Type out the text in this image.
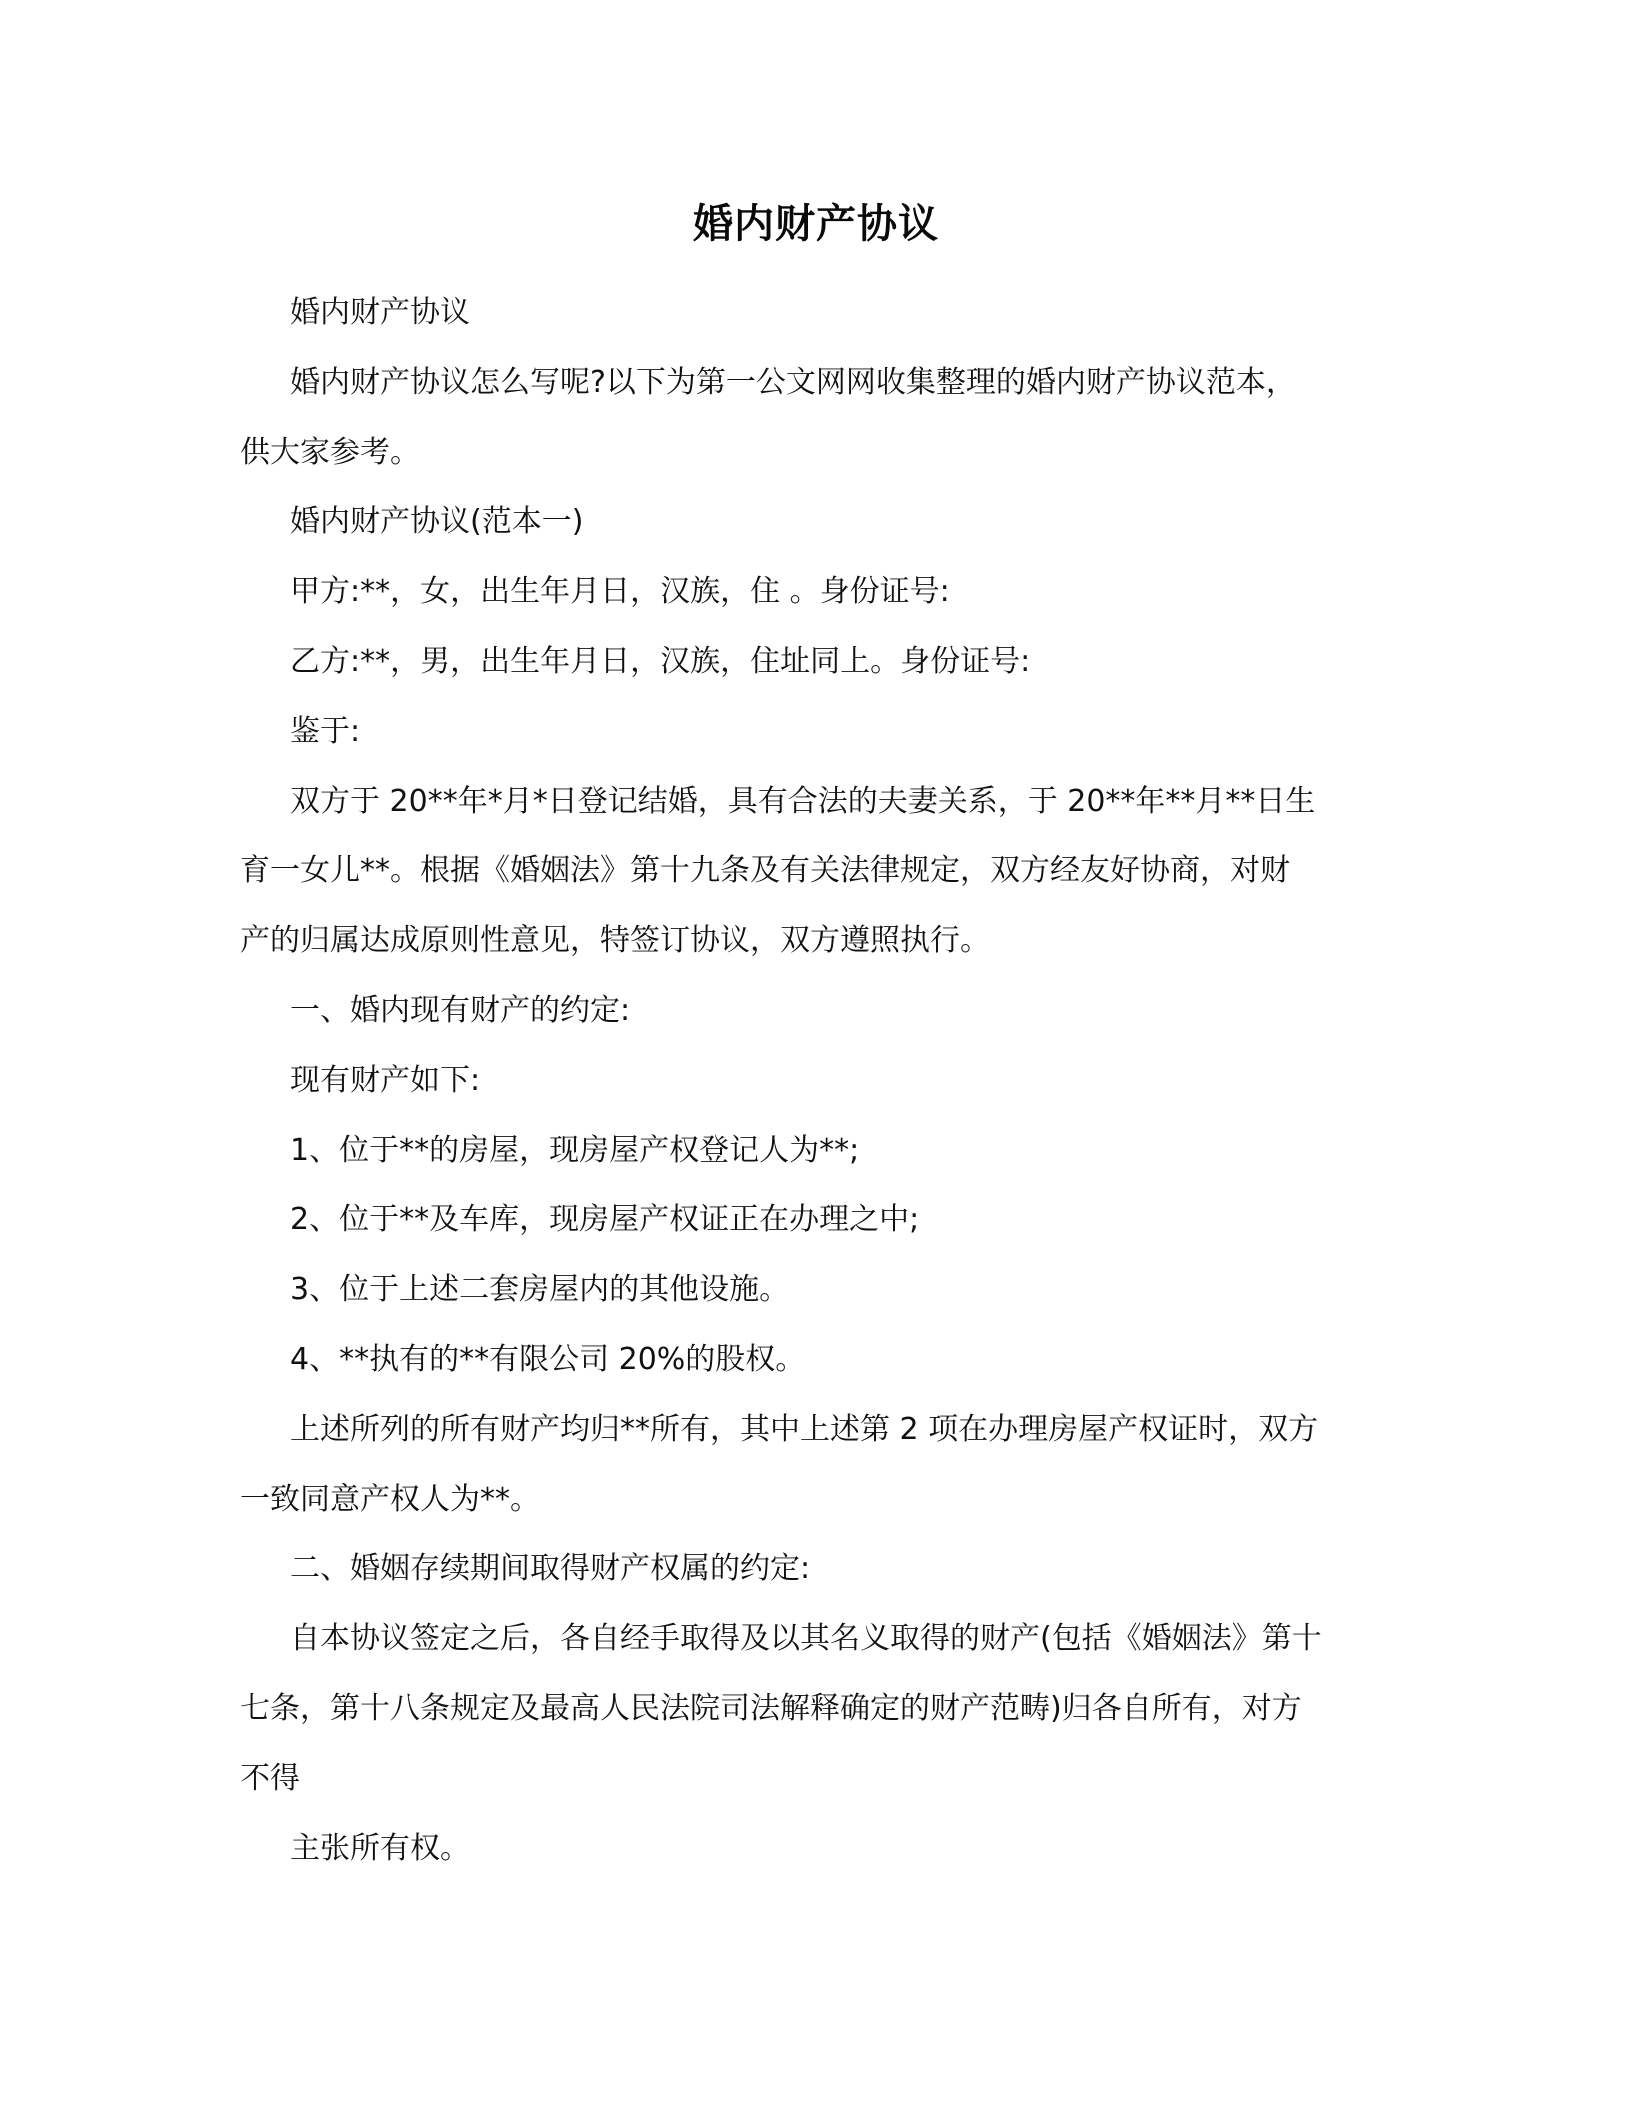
婚内财产协议
婚内财产协议
婚内财产协议怎么写呢?以下为第一公文网网收集整理的婚内财产协议范本，
供大家参考。
婚内财产协议(范本一)
甲方:**，女，出生年月日，汉族，住 。身份证号:
乙方:**，男，出生年月日，汉族，住址同上。身份证号:
鉴于:
双方于 20**年*月*日登记结婚，具有合法的夫妻关系，于 20**年**月**日生
育一女儿**。根据《婚姻法》第十九条及有关法律规定，双方经友好协商，对财
产的归属达成原则性意见，特签订协议，双方遵照执行。
一、婚内现有财产的约定:
现有财产如下:
1、位于**的房屋，现房屋产权登记人为**;
2、位于**及车库，现房屋产权证正在办理之中;
3、位于上述二套房屋内的其他设施。
4、**执有的**有限公司 20%的股权。
上述所列的所有财产均归**所有，其中上述第 2 项在办理房屋产权证时，双方
一致同意产权人为**。
二、婚姻存续期间取得财产权属的约定:
自本协议签定之后，各自经手取得及以其名义取得的财产(包括《婚姻法》第十
七条，第十八条规定及最高人民法院司法解释确定的财产范畴)归各自所有，对方
不得
主张所有权。
